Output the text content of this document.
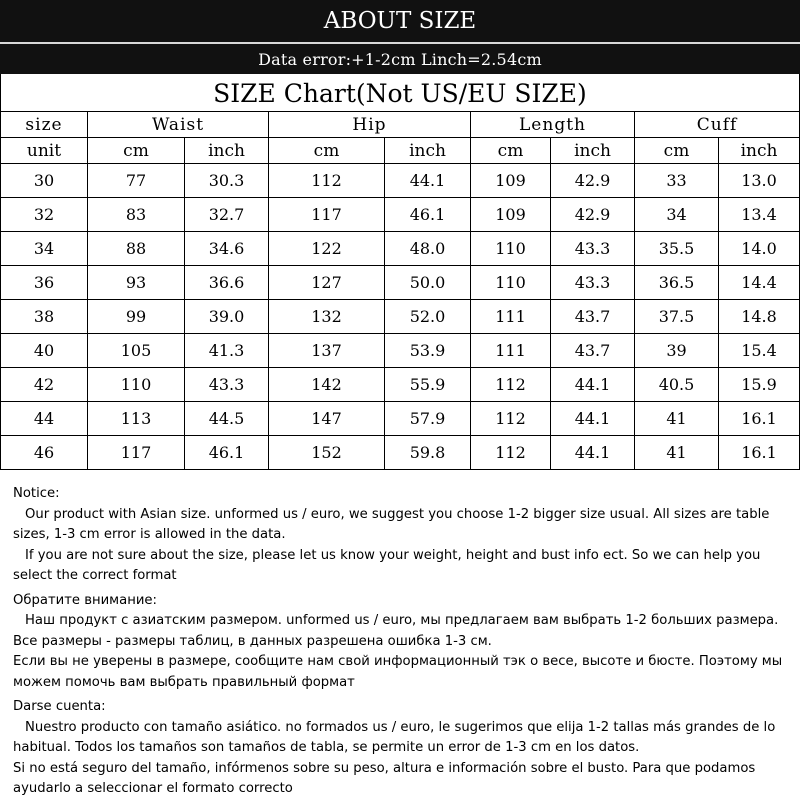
ABOUT SIZE
Data error:+1-2cm Linch=2.54cm
SIZE Chart(Not US/EU SIZE)
size	Waist		Hip		Length		Cuff	
unit	cm	inch	cm	inch	cm	inch	cm	inch
30	77	30.3	112	44.1	109	42.9	33	13.0
32	83	32.7	117	46.1	109	42.9	34	13.4
34	88	34.6	122	48.0	110	43.3	35.5	14.0
36	93	36.6	127	50.0	110	43.3	36.5	14.4
38	99	39.0	132	52.0	111	43.7	37.5	14.8
40	105	41.3	137	53.9	111	43.7	39	15.4
42	110	43.3	142	55.9	112	44.1	40.5	15.9
44	113	44.5	147	57.9	112	44.1	41	16.1
46	117	46.1	152	59.8	112	44.1	41	16.1
Notice:
Our product with Asian size. unformed us / euro, we suggest you choose 1-2 bigger size usual. All sizes are table sizes, 1-3 cm error is allowed in the data.
If you are not sure about the size, please let us know your weight, height and bust info ect. So we can help you select the correct format
Обратите внимание:
Наш продукт с азиатским размером. unformed us / euro, мы предлагаем вам выбрать 1-2 больших размера.
Все размеры - размеры таблиц, в данных разрешена ошибка 1-3 см.
Если вы не уверены в размере, сообщите нам свой информационный тэк о весе, высоте и бюсте. Поэтому мы можем помочь вам выбрать правильный формат
Darse cuenta:
Nuestro producto con tamaño asiático. no formados us / euro, le sugerimos que elija 1-2 tallas más grandes de lo habitual. Todos los tamaños son tamaños de tabla, se permite un error de 1-3 cm en los datos.
Si no está seguro del tamaño, infórmenos sobre su peso, altura e información sobre el busto. Para que podamos ayudarlo a seleccionar el formato correcto
